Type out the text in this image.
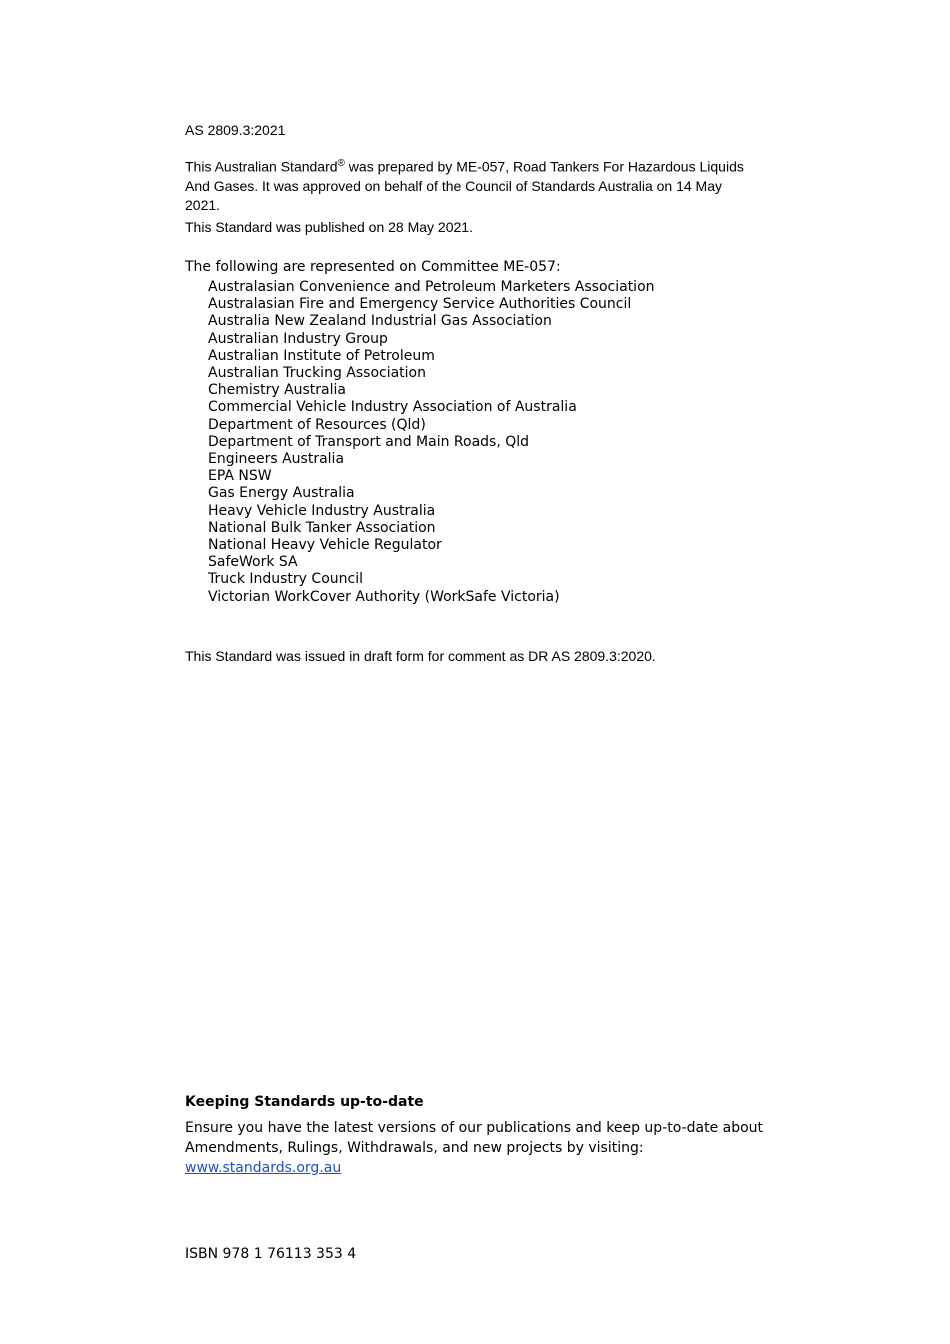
AS 2809.3:2021
This Australian Standard® was prepared by ME-057, Road Tankers For Hazardous Liquids And Gases. It was approved on behalf of the Council of Standards Australia on 14 May 2021.
This Standard was published on 28 May 2021.
The following are represented on Committee ME-057:
Australasian Convenience and Petroleum Marketers Association
Australasian Fire and Emergency Service Authorities Council
Australia New Zealand Industrial Gas Association
Australian Industry Group
Australian Institute of Petroleum
Australian Trucking Association
Chemistry Australia
Commercial Vehicle Industry Association of Australia
Department of Resources (Qld)
Department of Transport and Main Roads, Qld
Engineers Australia
EPA NSW
Gas Energy Australia
Heavy Vehicle Industry Australia
National Bulk Tanker Association
National Heavy Vehicle Regulator
SafeWork SA
Truck Industry Council
Victorian WorkCover Authority (WorkSafe Victoria)
This Standard was issued in draft form for comment as DR AS 2809.3:2020.
Keeping Standards up-to-date
Ensure you have the latest versions of our publications and keep up-to-date about Amendments, Rulings, Withdrawals, and new projects by visiting:
www.standards.org.au
ISBN 978 1 76113 353 4
